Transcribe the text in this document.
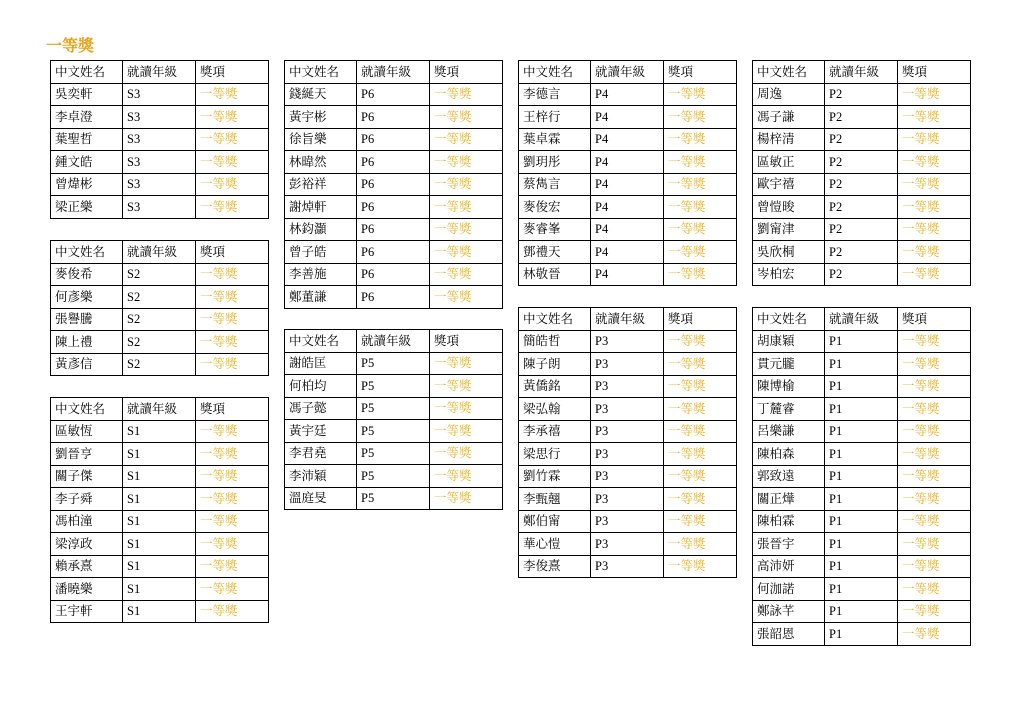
一等獎
中文姓名	就讀年級	獎項
吳奕軒	S3	一等獎
李卓澄	S3	一等獎
葉聖哲	S3	一等獎
鍾文皓	S3	一等獎
曾煒彬	S3	一等獎
梁正樂	S3	一等獎
中文姓名	就讀年級	獎項
麥俊希	S2	一等獎
何彥樂	S2	一等獎
張譽騰	S2	一等獎
陳上禮	S2	一等獎
黃彥信	S2	一等獎
中文姓名	就讀年級	獎項
區敏恆	S1	一等獎
劉晉亨	S1	一等獎
關子傑	S1	一等獎
李子舜	S1	一等獎
馮柏潼	S1	一等獎
梁淳政	S1	一等獎
賴承熹	S1	一等獎
潘曉樂	S1	一等獎
王宇軒	S1	一等獎
中文姓名	就讀年級	獎項
錢綖天	P6	一等獎
黃宇彬	P6	一等獎
徐旨樂	P6	一等獎
林暐然	P6	一等獎
彭裕祥	P6	一等獎
謝焯軒	P6	一等獎
林鈞灝	P6	一等獎
曾子皓	P6	一等獎
李善施	P6	一等獎
鄭董謙	P6	一等獎
中文姓名	就讀年級	獎項
謝皓匡	P5	一等獎
何柏均	P5	一等獎
馮子懿	P5	一等獎
黃宇廷	P5	一等獎
李君堯	P5	一等獎
李沛穎	P5	一等獎
溫庭旻	P5	一等獎
中文姓名	就讀年級	獎項
李德言	P4	一等獎
王梓行	P4	一等獎
葉卓霖	P4	一等獎
劉玥彤	P4	一等獎
蔡雋言	P4	一等獎
麥俊宏	P4	一等獎
麥睿峯	P4	一等獎
鄧禮天	P4	一等獎
林敬晉	P4	一等獎
中文姓名	就讀年級	獎項
簡皓哲	P3	一等獎
陳子朗	P3	一等獎
黃僑銘	P3	一等獎
梁弘翰	P3	一等獎
李承禧	P3	一等獎
梁思行	P3	一等獎
劉竹霖	P3	一等獎
李甄翹	P3	一等獎
鄭伯甯	P3	一等獎
華心愷	P3	一等獎
李俊熹	P3	一等獎
中文姓名	就讀年級	獎項
周逸	P2	一等獎
馮子謙	P2	一等獎
楊梓清	P2	一等獎
區敏正	P2	一等獎
歐宇禧	P2	一等獎
曾愷晙	P2	一等獎
劉甯津	P2	一等獎
吳欣桐	P2	一等獎
岑柏宏	P2	一等獎
中文姓名	就讀年級	獎項
胡康穎	P1	一等獎
貫元朧	P1	一等獎
陳博榆	P1	一等獎
丁麓睿	P1	一等獎
呂樂謙	P1	一等獎
陳柏森	P1	一等獎
郭致遠	P1	一等獎
關正燁	P1	一等獎
陳柏霖	P1	一等獎
張晉宇	P1	一等獎
高沛妍	P1	一等獎
何泇諾	P1	一等獎
鄭詠芊	P1	一等獎
張韶恩	P1	一等獎
